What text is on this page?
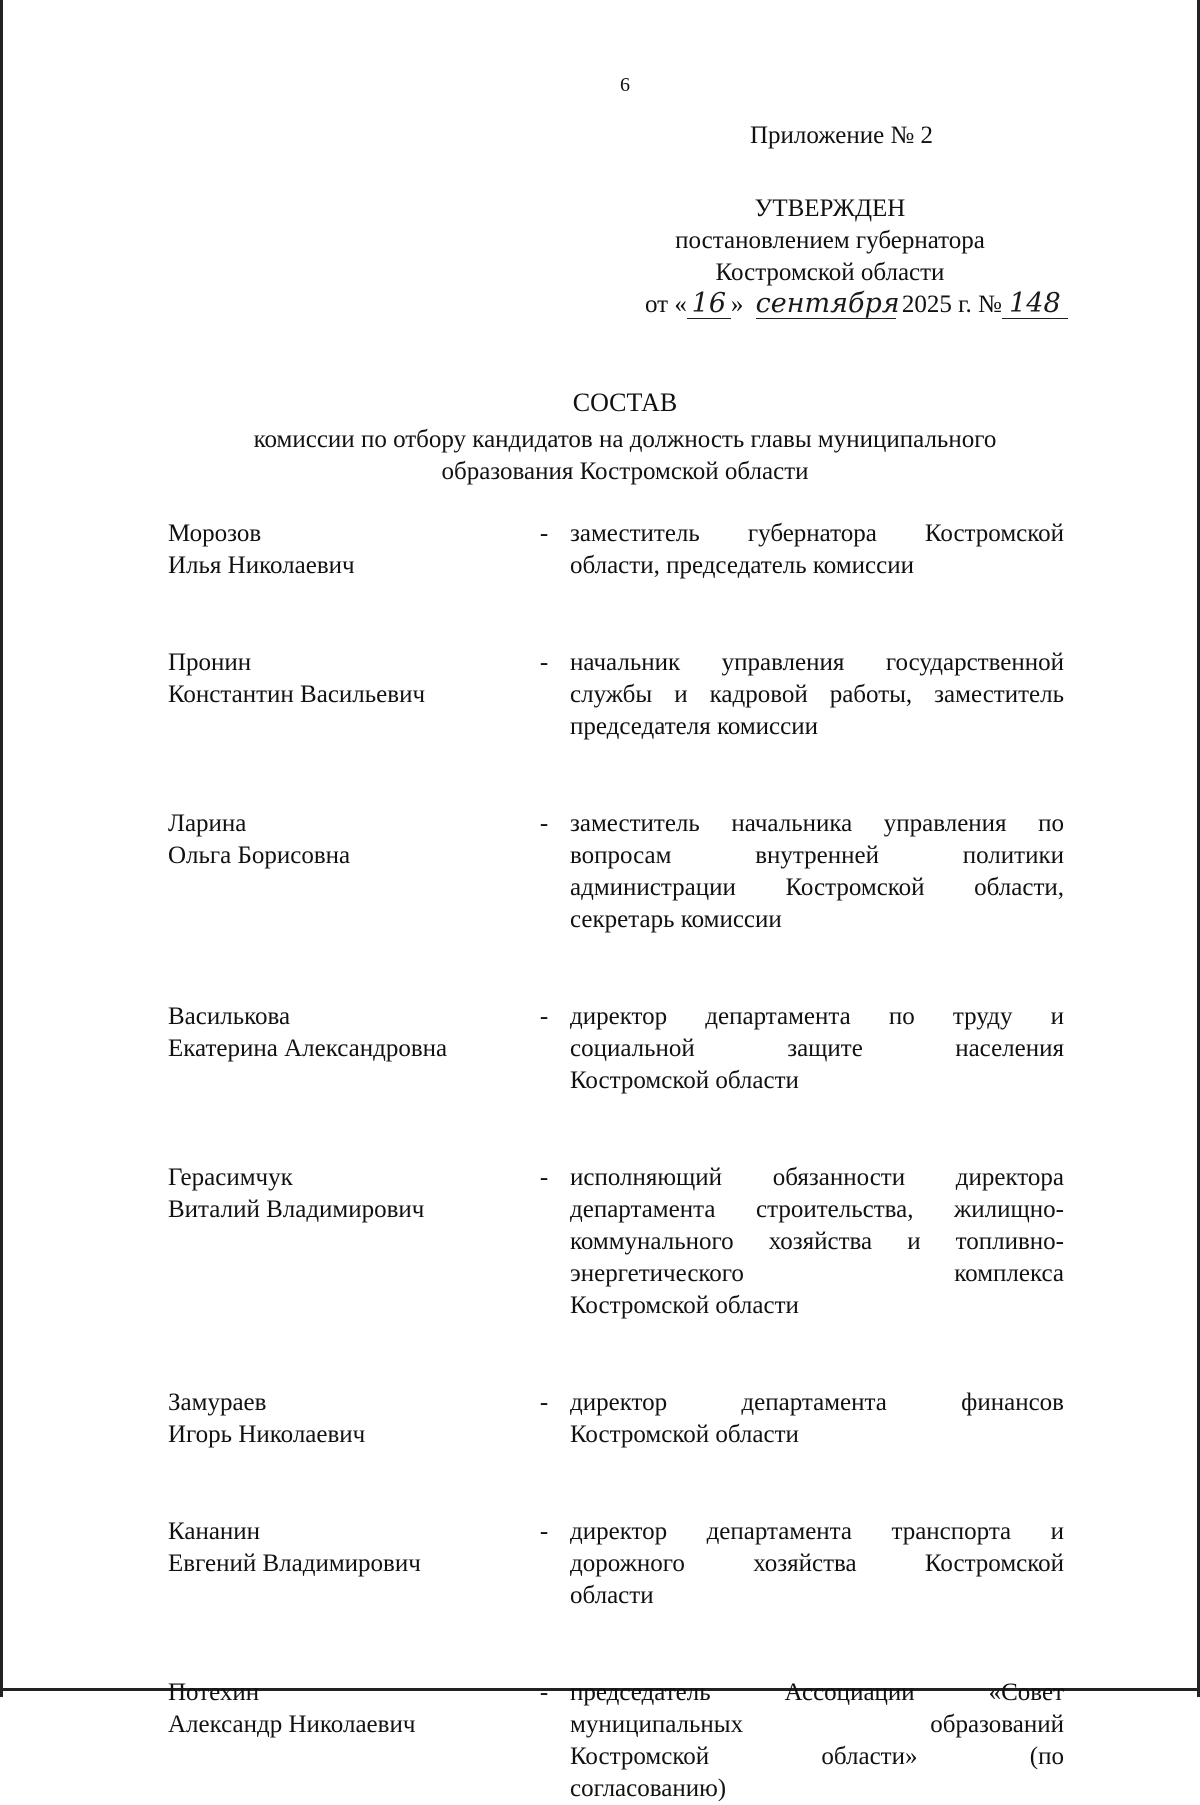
6
Приложение № 2
УТВЕРЖДЕН
постановлением губернатора
Костромской области
от « 16 » сентября 2025 г. № 148
СОСТАВ
комиссии по отбору кандидатов на должность главы муниципального
образования Костромской области
Морозов
Илья Николаевич
- заместитель губернатора Костромской
области, председатель комиссии
Пронин
Константин Васильевич
- начальник управления государственной
службы и кадровой работы, заместитель
председателя комиссии
Ларина
Ольга Борисовна
- заместитель начальника управления по
вопросам внутренней политики
администрации Костромской области,
секретарь комиссии
Василькова
Екатерина Александровна
- директор департамента по труду и
социальной защите населения
Костромской области
Герасимчук
Виталий Владимирович
- исполняющий обязанности директора
департамента строительства, жилищно-
коммунального хозяйства и топливно-
энергетического комплекса
Костромской области
Замураев
Игорь Николаевич
- директор департамента финансов
Костромской области
Кананин
Евгений Владимирович
- директор департамента транспорта и
дорожного хозяйства Костромской
области
Потехин
Александр Николаевич
- председатель Ассоциации «Совет
муниципальных образований
Костромской области» (по
согласованию)
